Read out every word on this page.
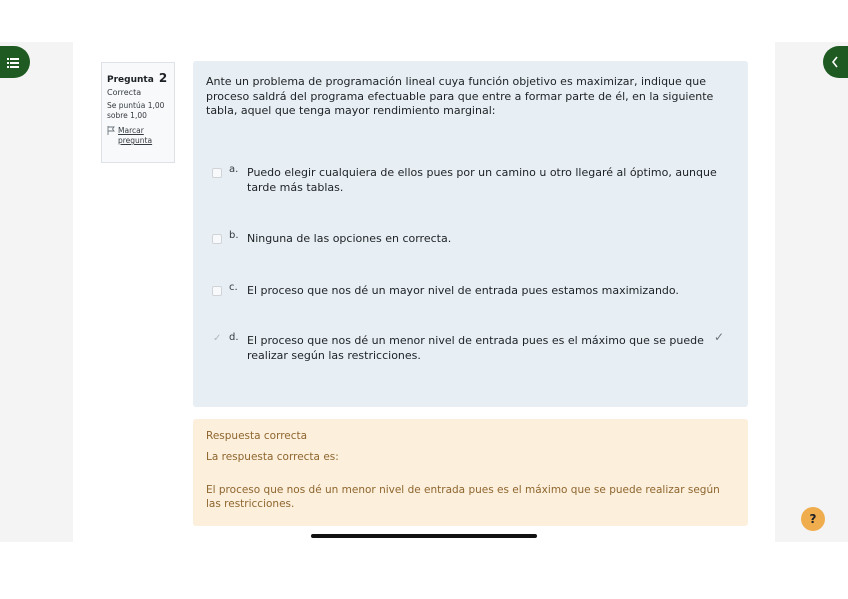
Pregunta 2
Correcta
Se puntúa 1,00 sobre 1,00
Marcar pregunta
Ante un problema de programación lineal cuya función objetivo es maximizar, indique que proceso saldrá del programa efectuable para que entre a formar parte de él, en la siguiente tabla, aquel que tenga mayor rendimiento marginal:
a. Puedo elegir cualquiera de ellos pues por un camino u otro llegaré al óptimo, aunque tarde más tablas.
b. Ninguna de las opciones en correcta.
c. El proceso que nos dé un mayor nivel de entrada pues estamos maximizando.
✓ d. El proceso que nos dé un menor nivel de entrada pues es el máximo que se puede realizar según las restricciones.
✓
Respuesta correcta
La respuesta correcta es:
El proceso que nos dé un menor nivel de entrada pues es el máximo que se puede realizar según las restricciones.
?
